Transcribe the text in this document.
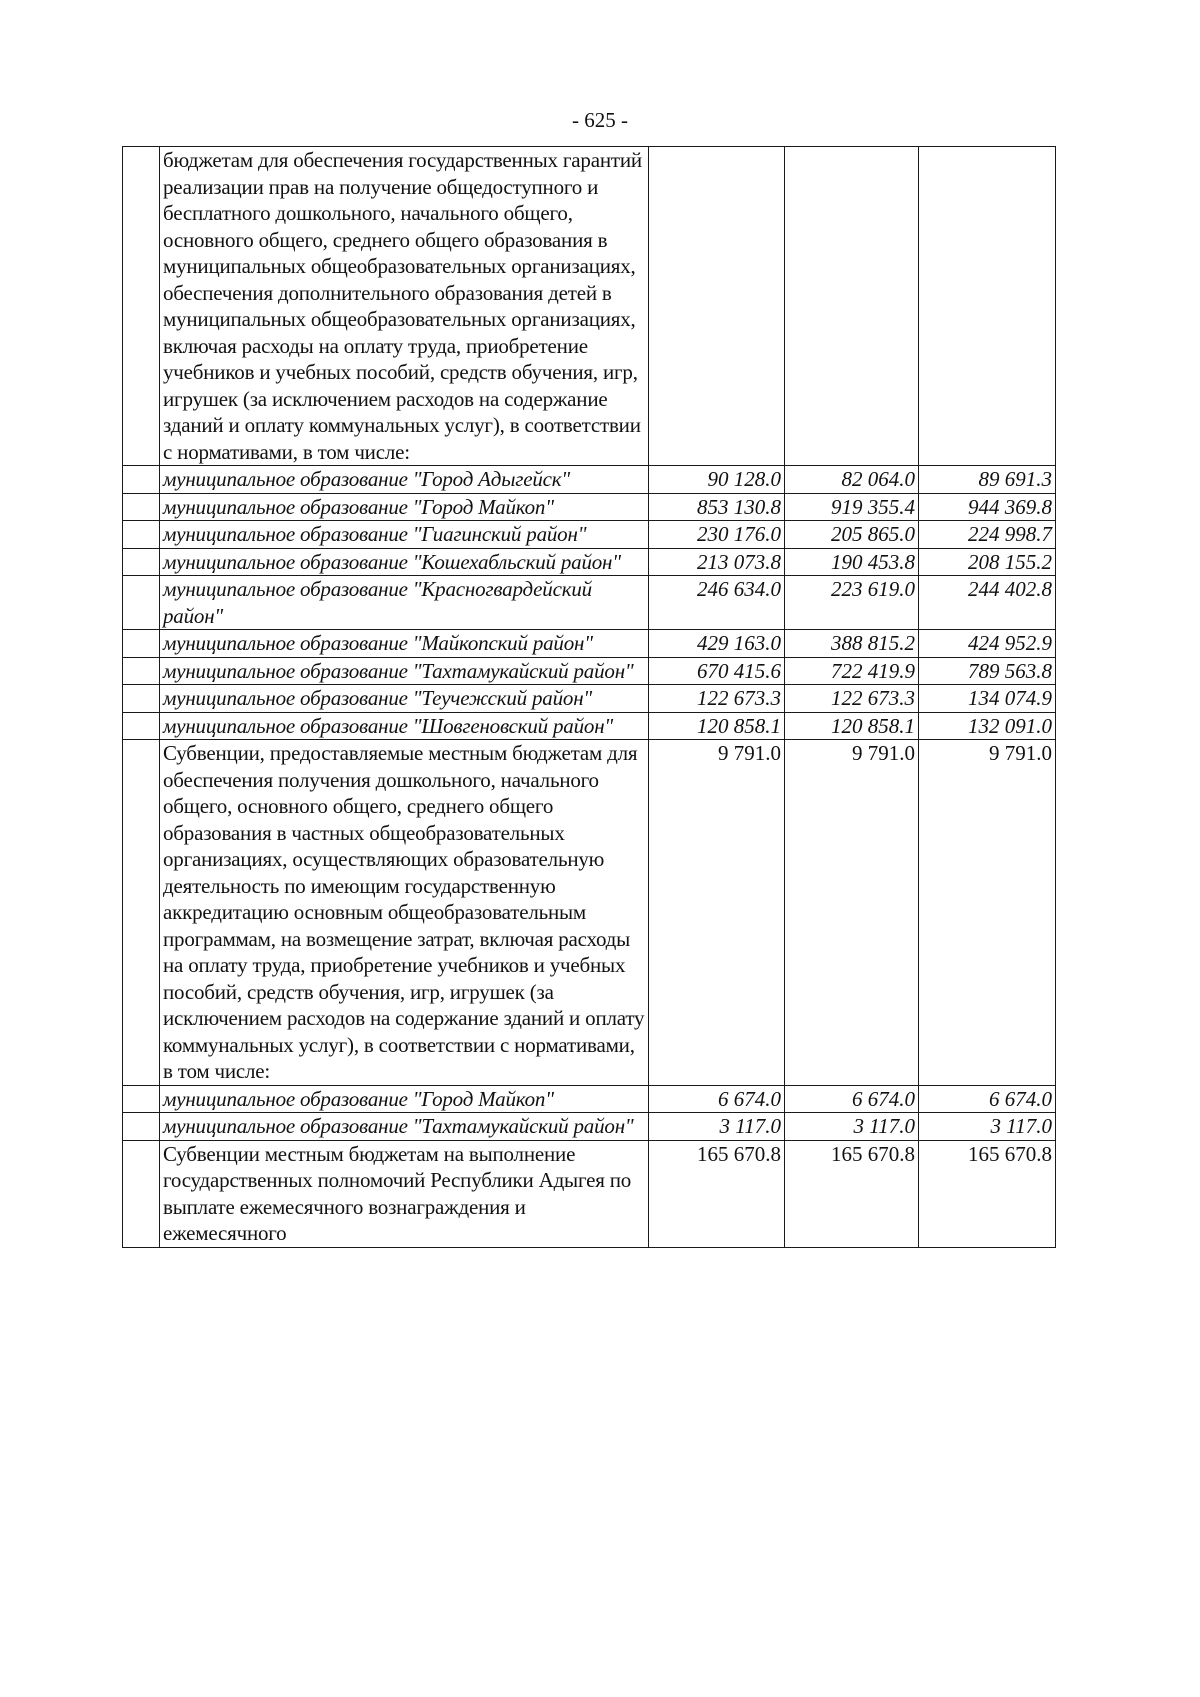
- 625 -
	бюджетам для обеспечения государственных гарантий реализации прав на получение общедоступного и бесплатного дошкольного, начального общего, основного общего, среднего общего образования в муниципальных общеобразовательных организациях, обеспечения дополнительного образования детей в муниципальных общеобразовательных организациях, включая расходы на оплату труда, приобретение учебников и учебных пособий, средств обучения, игр, игрушек (за исключением расходов на содержание зданий и оплату коммунальных услуг), в соответствии с нормативами, в том числе:			
	муниципальное образование "Город Адыгейск"	90 128.0	82 064.0	89 691.3
	муниципальное образование "Город Майкоп"	853 130.8	919 355.4	944 369.8
	муниципальное образование "Гиагинский район"	230 176.0	205 865.0	224 998.7
	муниципальное образование "Кошехабльский район"	213 073.8	190 453.8	208 155.2
	муниципальное образование "Красногвардейский район"	246 634.0	223 619.0	244 402.8
	муниципальное образование "Майкопский район"	429 163.0	388 815.2	424 952.9
	муниципальное образование "Тахтамукайский район"	670 415.6	722 419.9	789 563.8
	муниципальное образование "Теучежский район"	122 673.3	122 673.3	134 074.9
	муниципальное образование "Шовгеновский район"	120 858.1	120 858.1	132 091.0
	Субвенции, предоставляемые местным бюджетам для обеспечения получения дошкольного, начального общего, основного общего, среднего общего образования в частных общеобразовательных организациях, осуществляющих образовательную деятельность по имеющим государственную аккредитацию основным общеобразовательным программам, на возмещение затрат, включая расходы на оплату труда, приобретение учебников и учебных пособий, средств обучения, игр, игрушек (за исключением расходов на содержание зданий и оплату коммунальных услуг), в соответствии с нормативами, в том числе:	9 791.0	9 791.0	9 791.0
	муниципальное образование "Город Майкоп"	6 674.0	6 674.0	6 674.0
	муниципальное образование "Тахтамукайский район"	3 117.0	3 117.0	3 117.0
	Субвенции местным бюджетам на выполнение государственных полномочий Республики Адыгея по выплате ежемесячного вознаграждения и ежемесячного	165 670.8	165 670.8	165 670.8
